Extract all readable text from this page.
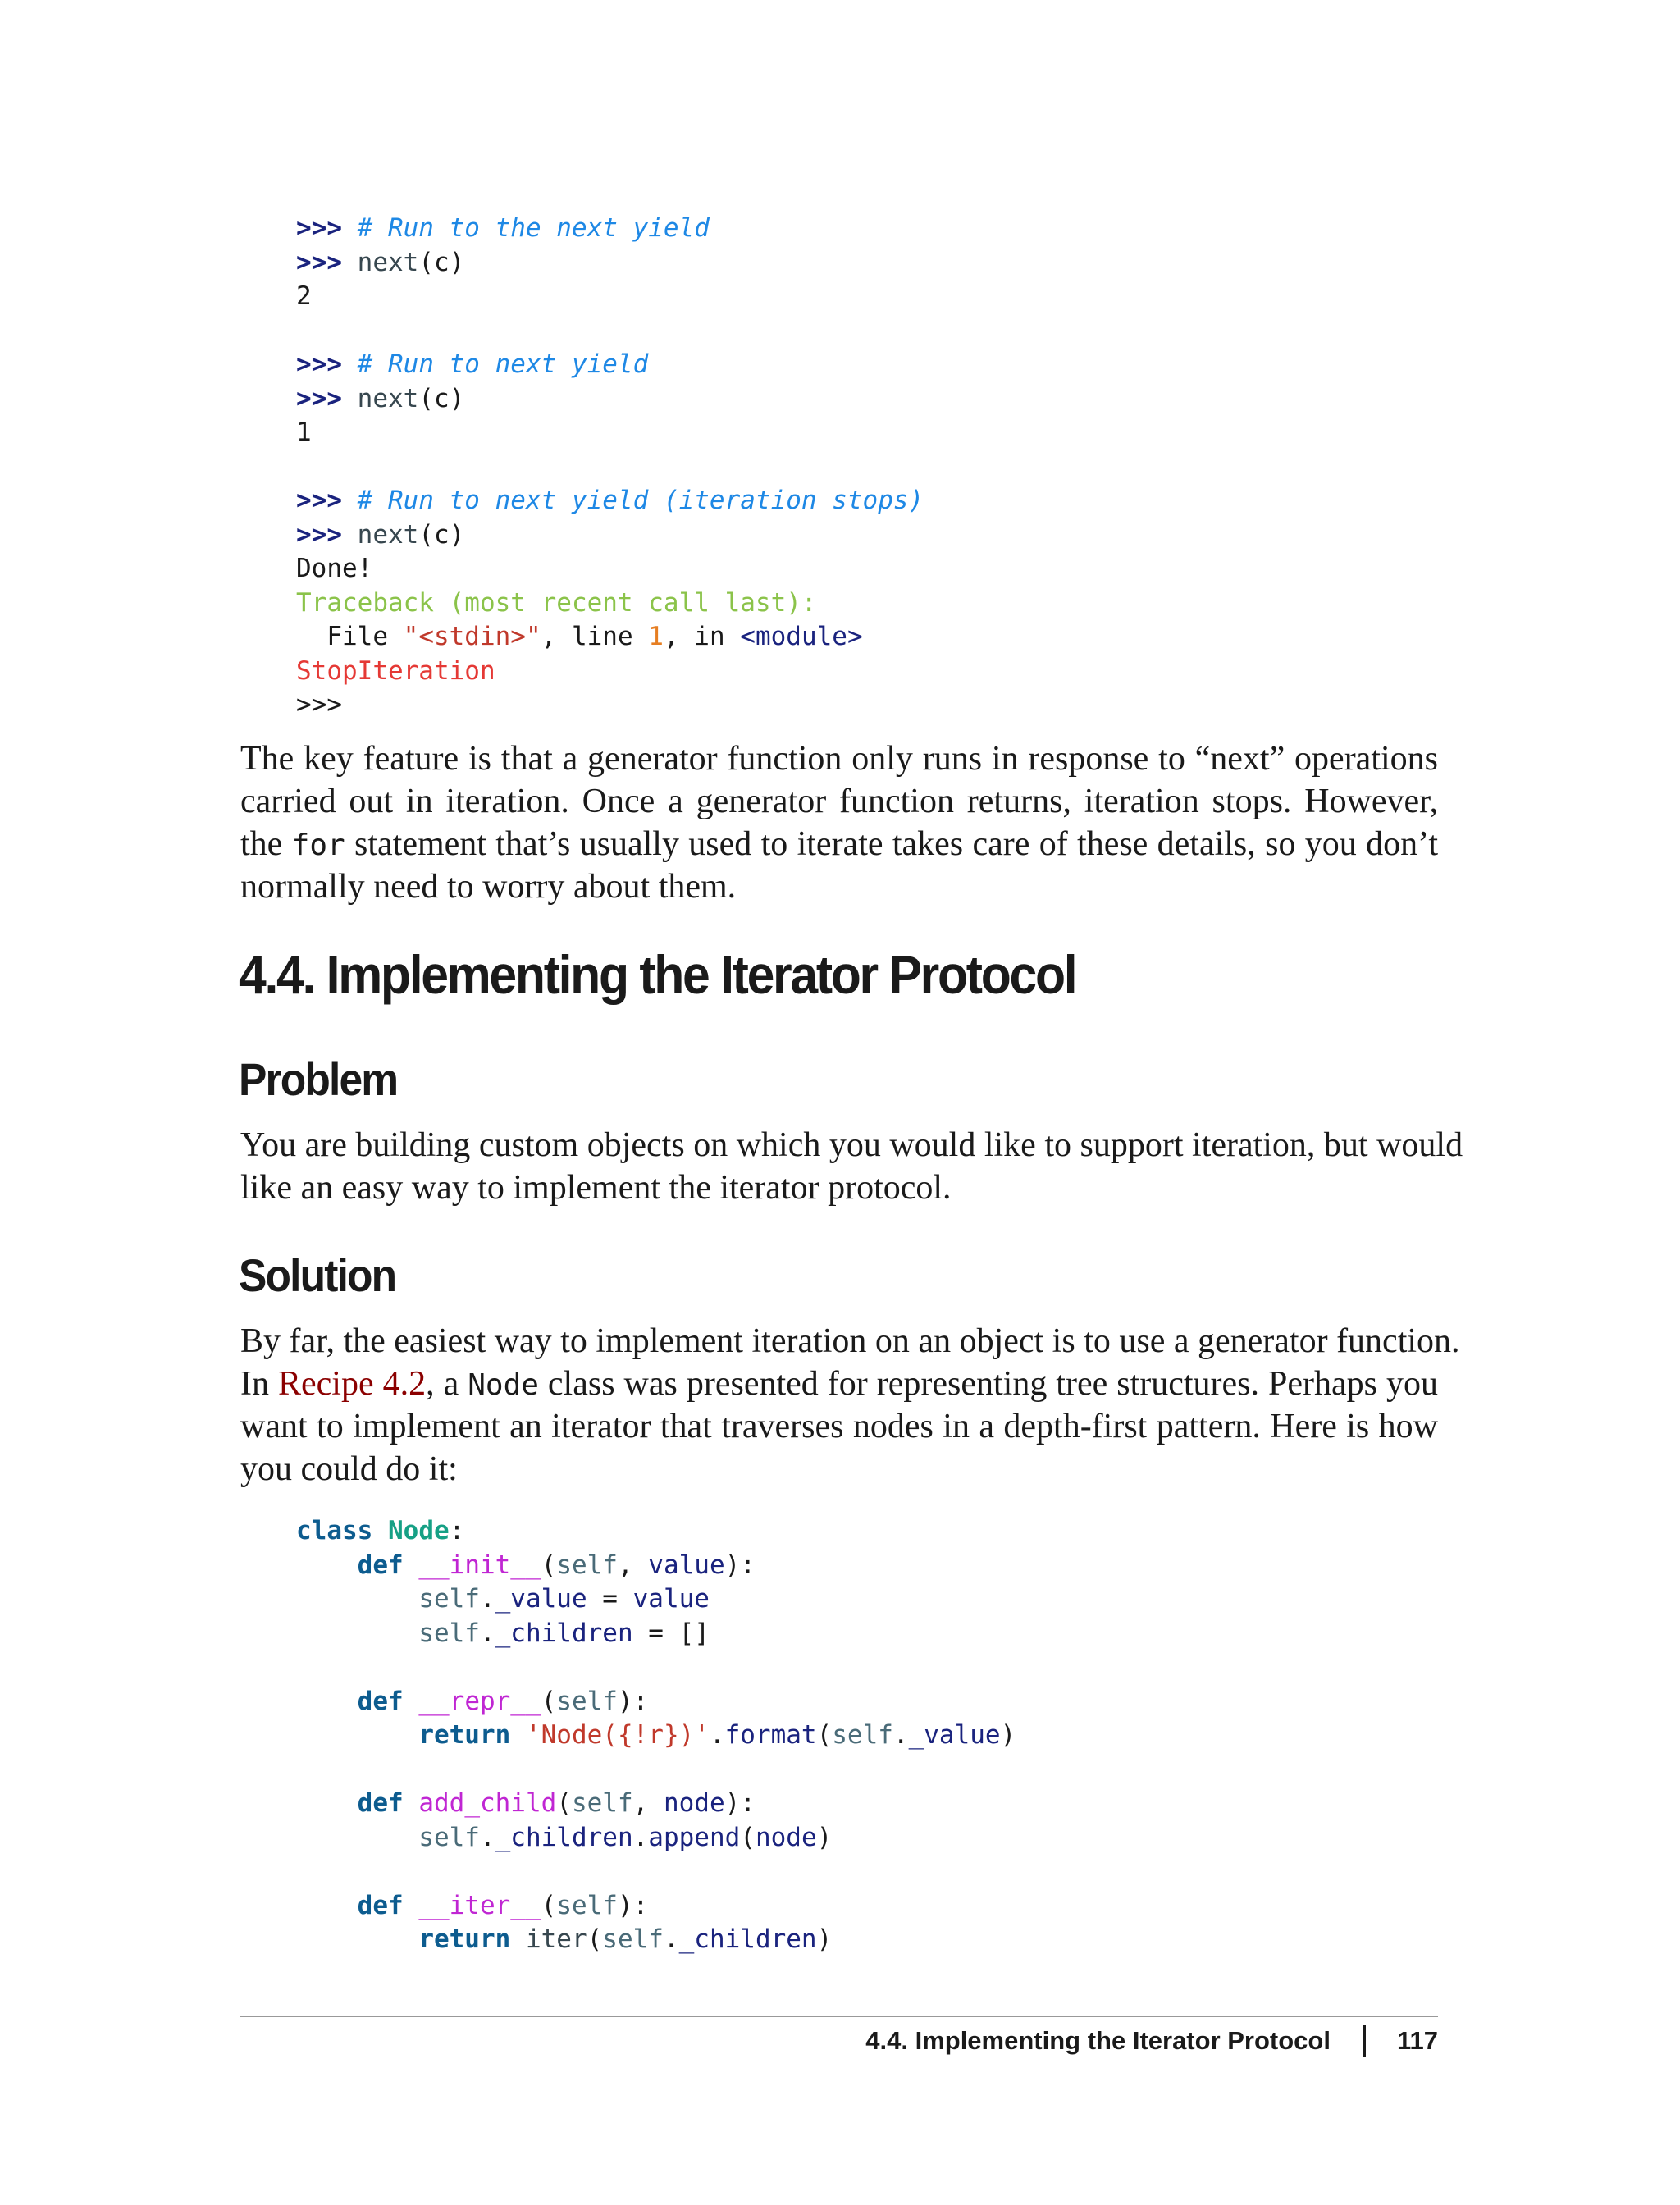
>>> # Run to the next yield
>>> next(c)
2

>>> # Run to next yield
>>> next(c)
1

>>> # Run to next yield (iteration stops)
>>> next(c)
Done!
Traceback (most recent call last):
File "<stdin>", line 1, in <module>
StopIteration
>>>
The key feature is that a generator function only runs in response to “next” operations
carried out in iteration. Once a generator function returns, iteration stops. However,
the for statement that’s usually used to iterate takes care of these details, so you don’t
normally need to worry about them.
4.4. Implementing the Iterator Protocol
Problem
You are building custom objects on which you would like to support iteration, but would
like an easy way to implement the iterator protocol.
Solution
By far, the easiest way to implement iteration on an object is to use a generator function.
In Recipe 4.2, a Node class was presented for representing tree structures. Perhaps you
want to implement an iterator that traverses nodes in a depth-first pattern. Here is how
you could do it:
class Node:
def __init__(self, value):
self._value = value
self._children = []

def __repr__(self):
return 'Node({!r})'.format(self._value)

def add_child(self, node):
self._children.append(node)

def __iter__(self):
return iter(self._children)
4.4. Implementing the Iterator Protocol	117
